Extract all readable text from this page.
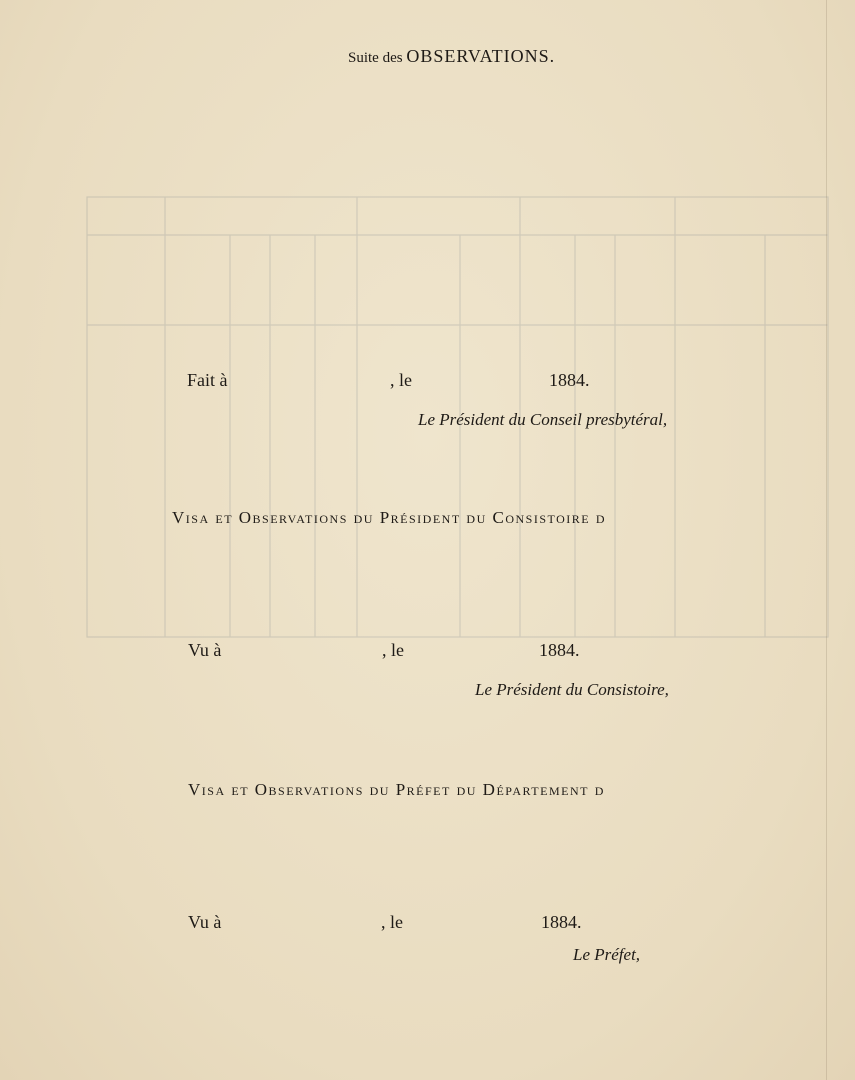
Suite des OBSERVATIONS.
Fait à	, le	1884.
Le Président du Conseil presbytéral,
Visa et Observations du Président du Consistoire d
Vu à	, le	1884.
Le Président du Consistoire,
Visa et Observations du Préfet du Département d
Vu à	, le	1884.
Le Préfet,
